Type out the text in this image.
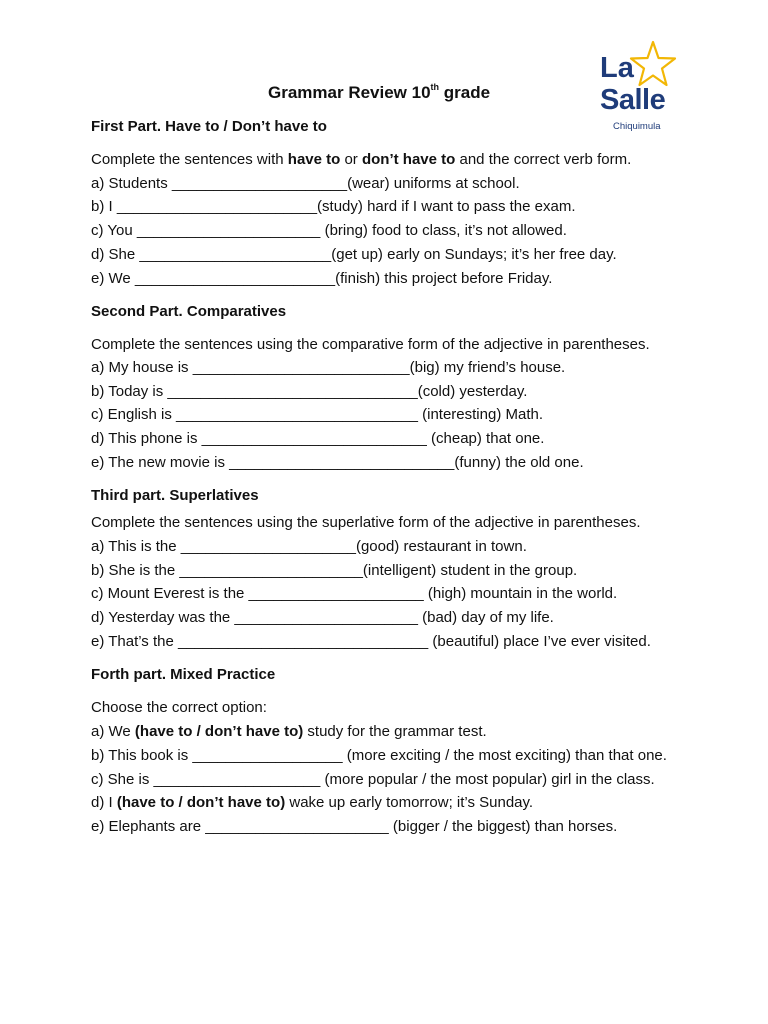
La
Salle
Chiquimula
Grammar Review 10th grade
First Part. Have to / Don’t have to
Complete the sentences with have to or don’t have to and the correct verb form.
a) Students _____________________(wear) uniforms at school.
b) I ________________________(study) hard if I want to pass the exam.
c) You ______________________ (bring) food to class, it’s not allowed.
d) She _______________________(get up) early on Sundays; it’s her free day.
e) We ________________________(finish) this project before Friday.
Second Part. Comparatives
Complete the sentences using the comparative form of the adjective in parentheses.
a) My house is __________________________(big) my friend’s house.
b) Today is ______________________________(cold) yesterday.
c) English is _____________________________ (interesting) Math.
d) This phone is ___________________________ (cheap) that one.
e) The new movie is ___________________________(funny) the old one.
Third part. Superlatives
Complete the sentences using the superlative form of the adjective in parentheses.
a) This is the _____________________(good) restaurant in town.
b) She is the ______________________(intelligent) student in the group.
c) Mount Everest is the _____________________ (high) mountain in the world.
d) Yesterday was the ______________________ (bad) day of my life.
e) That’s the ______________________________ (beautiful) place I’ve ever visited.
Forth part. Mixed Practice
Choose the correct option:
a) We (have to / don’t have to) study for the grammar test.
b) This book is __________________ (more exciting / the most exciting) than that one.
c) She is ____________________ (more popular / the most popular) girl in the class.
d) I (have to / don’t have to) wake up early tomorrow; it’s Sunday.
e) Elephants are ______________________ (bigger / the biggest) than horses.
